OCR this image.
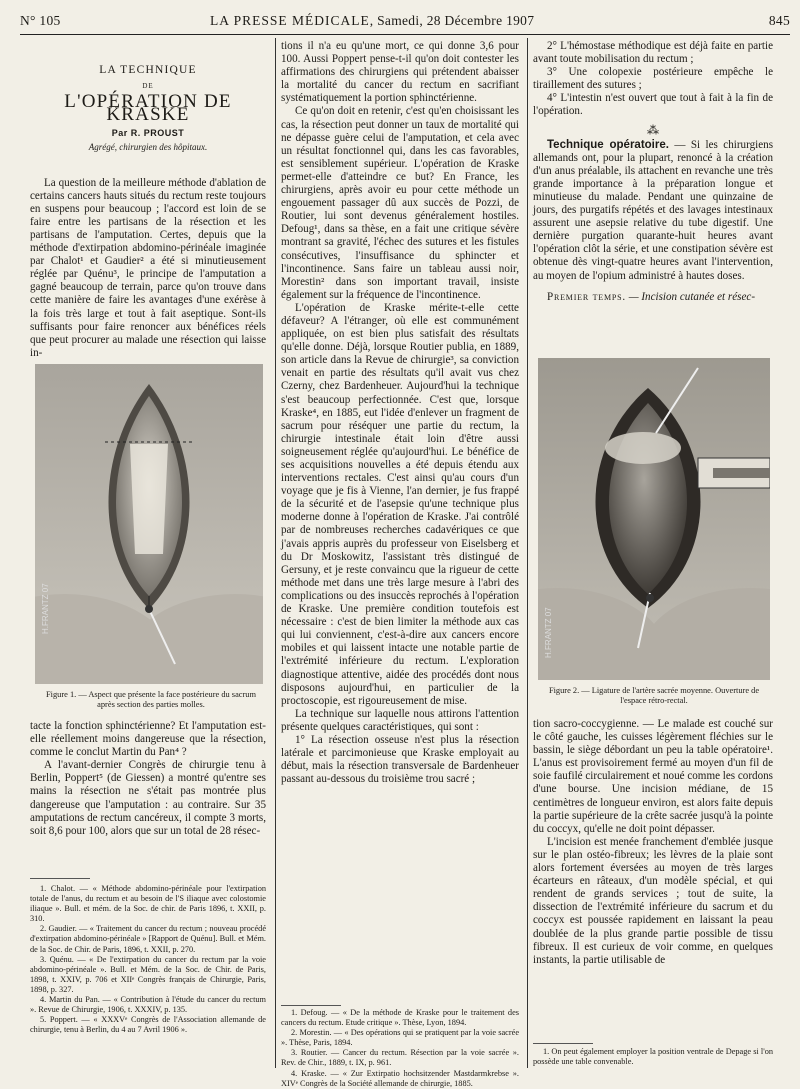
N° 105	LA PRESSE MÉDICALE, Samedi, 28 Décembre 1907	845
LA TECHNIQUE
DE
L'OPÉRATION DE KRASKE
Par R. PROUST
Agrégé, chirurgien des hôpitaux.

La question de la meilleure méthode d'ablation de certains cancers hauts situés du rectum reste toujours en suspens pour beaucoup ; l'accord est loin de se faire entre les partisans de la résection et les partisans de l'amputation. Certes, depuis que la méthode d'extirpation abdomino-périnéale imaginée par Chalot¹ et Gaudier² a été si minutieusement réglée par Quénu³, le principe de l'amputation a gagné beaucoup de terrain, parce qu'on trouve dans cette manière de faire les avantages d'une exérèse à la fois très large et tout à fait aseptique. Sont-ils suffisants pour faire renoncer aux bénéfices réels que peut procurer au malade une résection qui laisse in-

H.FRANTZ 07
Figure 1. — Aspect que présente la face postérieure du sacrum après section des parties molles.

tacte la fonction sphinctérienne? Et l'amputation est-elle réellement moins dangereuse que la résection, comme le conclut Martin du Pan⁴ ?

A l'avant-dernier Congrès de chirurgie tenu à Berlin, Poppert⁵ (de Giessen) a montré qu'entre ses mains la résection ne s'était pas montrée plus dangereuse que l'amputation : au contraire. Sur 35 amputations de rectum cancéreux, il compte 3 morts, soit 8,6 pour 100, alors que sur un total de 28 résec-

1. Chalot. — « Méthode abdomino-périnéale pour l'extirpation totale de l'anus, du rectum et au besoin de l'S iliaque avec colostomie iliaque ». Bull. et mém. de la Soc. de chir. de Paris 1896, t. XXII, p. 310.

2. Gaudier. — « Traitement du cancer du rectum ; nouveau procédé d'extirpation abdomino-périnéale » [Rapport de Quénu]. Bull. et Mém. de la Soc. de Chir. de Paris, 1896, t. XXII, p. 270.

3. Quénu. — « De l'extirpation du cancer du rectum par la voie abdomino-périnéale ». Bull. et Mém. de la Soc. de Chir. de Paris, 1898, t. XXIV, p. 706 et XIIᵉ Congrès français de Chirurgie, Paris, 1898, p. 327.

4. Martin du Pan. — « Contribution à l'étude du cancer du rectum ». Revue de Chirurgie, 1906, t. XXXIV, p. 135.

5. Poppert. — « XXXVᵉ Congrès de l'Association allemande de chirurgie, tenu à Berlin, du 4 au 7 Avril 1906 ».

tions il n'a eu qu'une mort, ce qui donne 3,6 pour 100. Aussi Poppert pense-t-il qu'on doit contester les affirmations des chirurgiens qui prétendent abaisser la mortalité du cancer du rectum en sacrifiant systématiquement la portion sphinctérienne.

Ce qu'on doit en retenir, c'est qu'en choisissant les cas, la résection peut donner un taux de mortalité qui ne dépasse guère celui de l'amputation, et cela avec un résultat fonctionnel qui, dans les cas favorables, est sensiblement supérieur. L'opération de Kraske permet-elle d'atteindre ce but? En France, les chirurgiens, après avoir eu pour cette méthode un engouement passager dû aux succès de Pozzi, de Routier, lui sont devenus généralement hostiles. Defoug¹, dans sa thèse, en a fait une critique sévère montrant sa gravité, l'échec des sutures et les fistules consécutives, l'insuffisance du sphincter et l'incontinence. Sans faire un tableau aussi noir, Morestin² dans son important travail, insiste également sur la fréquence de l'incontinence.

L'opération de Kraske mérite-t-elle cette défaveur? A l'étranger, où elle est communément appliquée, on est bien plus satisfait des résultats qu'elle donne. Déjà, lorsque Routier publia, en 1889, son article dans la Revue de chirurgie³, sa conviction venait en partie des résultats qu'il avait vus chez Czerny, chez Bardenheuer. Aujourd'hui la technique s'est beaucoup perfectionnée. C'est que, lorsque Kraske⁴, en 1885, eut l'idée d'enlever un fragment de sacrum pour réséquer une partie du rectum, la chirurgie intestinale était loin d'être aussi soigneusement réglée qu'aujourd'hui. Le bénéfice de ses acquisitions nouvelles a été depuis étendu aux interventions rectales. C'est ainsi qu'au cours d'un voyage que je fis à Vienne, l'an dernier, je fus frappé de la sécurité et de l'asepsie qu'une technique plus moderne donne à l'opération de Kraske. J'ai contrôlé par de nombreuses recherches cadavériques ce que j'avais appris auprès du professeur von Eiselsberg et du Dr Moskowitz, l'assistant très distingué de Gersuny, et je reste convaincu que la rigueur de cette méthode met dans une très large mesure à l'abri des complications ou des insuccès reprochés à l'opération de Kraske. Une première condition toutefois est nécessaire : c'est de bien limiter la méthode aux cas qui lui conviennent, c'est-à-dire aux cancers encore mobiles et qui laissent intacte une notable partie de l'extrémité inférieure du rectum. L'exploration diagnostique attentive, aidée des procédés dont nous disposons aujourd'hui, en particulier de la proctoscopie, est rigoureusement de mise.

La technique sur laquelle nous attirons l'attention présente quelques caractéristiques, qui sont :

1° La résection osseuse n'est plus la résection latérale et parcimonieuse que Kraske employait au début, mais la résection transversale de Bardenheuer passant au-dessous du troisième trou sacré ;

1. Defoug. — « De la méthode de Kraske pour le traitement des cancers du rectum. Etude critique ». Thèse, Lyon, 1894.

2. Morestin. — « Des opérations qui se pratiquent par la voie sacrée ». Thèse, Paris, 1894.

3. Routier. — Cancer du rectum. Résection par la voie sacrée ». Rev. de Chir., 1889, t. IX, p. 961.

4. Kraske. — « Zur Extirpatio hochsitzender Mastdarmkrebse ». XIVᵉ Congrès de la Société allemande de chirurgie, 1885.

2° L'hémostase méthodique est déjà faite en partie avant toute mobilisation du rectum ;

3° Une colopexie postérieure empêche le tiraillement des sutures ;

4° L'intestin n'est ouvert que tout à fait à la fin de l'opération.

⁂

Technique opératoire. — Si les chirurgiens allemands ont, pour la plupart, renoncé à la création d'un anus préalable, ils attachent en revanche une très grande importance à la préparation longue et minutieuse du malade. Pendant une quinzaine de jours, des purgatifs répétés et des lavages intestinaux assurent une asepsie relative du tube digestif. Une dernière purgation quarante-huit heures avant l'opération clôt la série, et une constipation sévère est obtenue dès vingt-quatre heures avant l'intervention, au moyen de l'opium administré à hautes doses.

Premier temps. — Incision cutanée et résec-

H.FRANTZ 07
Figure 2. — Ligature de l'artère sacrée moyenne. Ouverture de l'espace rétro-rectal.

tion sacro-coccygienne. — Le malade est couché sur le côté gauche, les cuisses légèrement fléchies sur le bassin, le siège débordant un peu la table opératoire¹. L'anus est provisoirement fermé au moyen d'un fil de soie faufilé circulairement et noué comme les cordons d'une bourse. Une incision médiane, de 15 centimètres de longueur environ, est alors faite depuis la partie supérieure de la crête sacrée jusqu'à la pointe du coccyx, qu'elle ne doit point dépasser.

L'incision est menée franchement d'emblée jusque sur le plan ostéo-fibreux; les lèvres de la plaie sont alors fortement éversées au moyen de très larges écarteurs en râteaux, d'un modèle spécial, et qui rendent de grands services ; tout de suite, la dissection de l'extrémité inférieure du sacrum et du coccyx est poussée rapidement en laissant la peau doublée de la plus grande partie possible de tissu fibreux. Il est curieux de voir comme, en quelques instants, la partie utilisable de

1. On peut également employer la position ventrale de Depage si l'on possède une table convenable.
